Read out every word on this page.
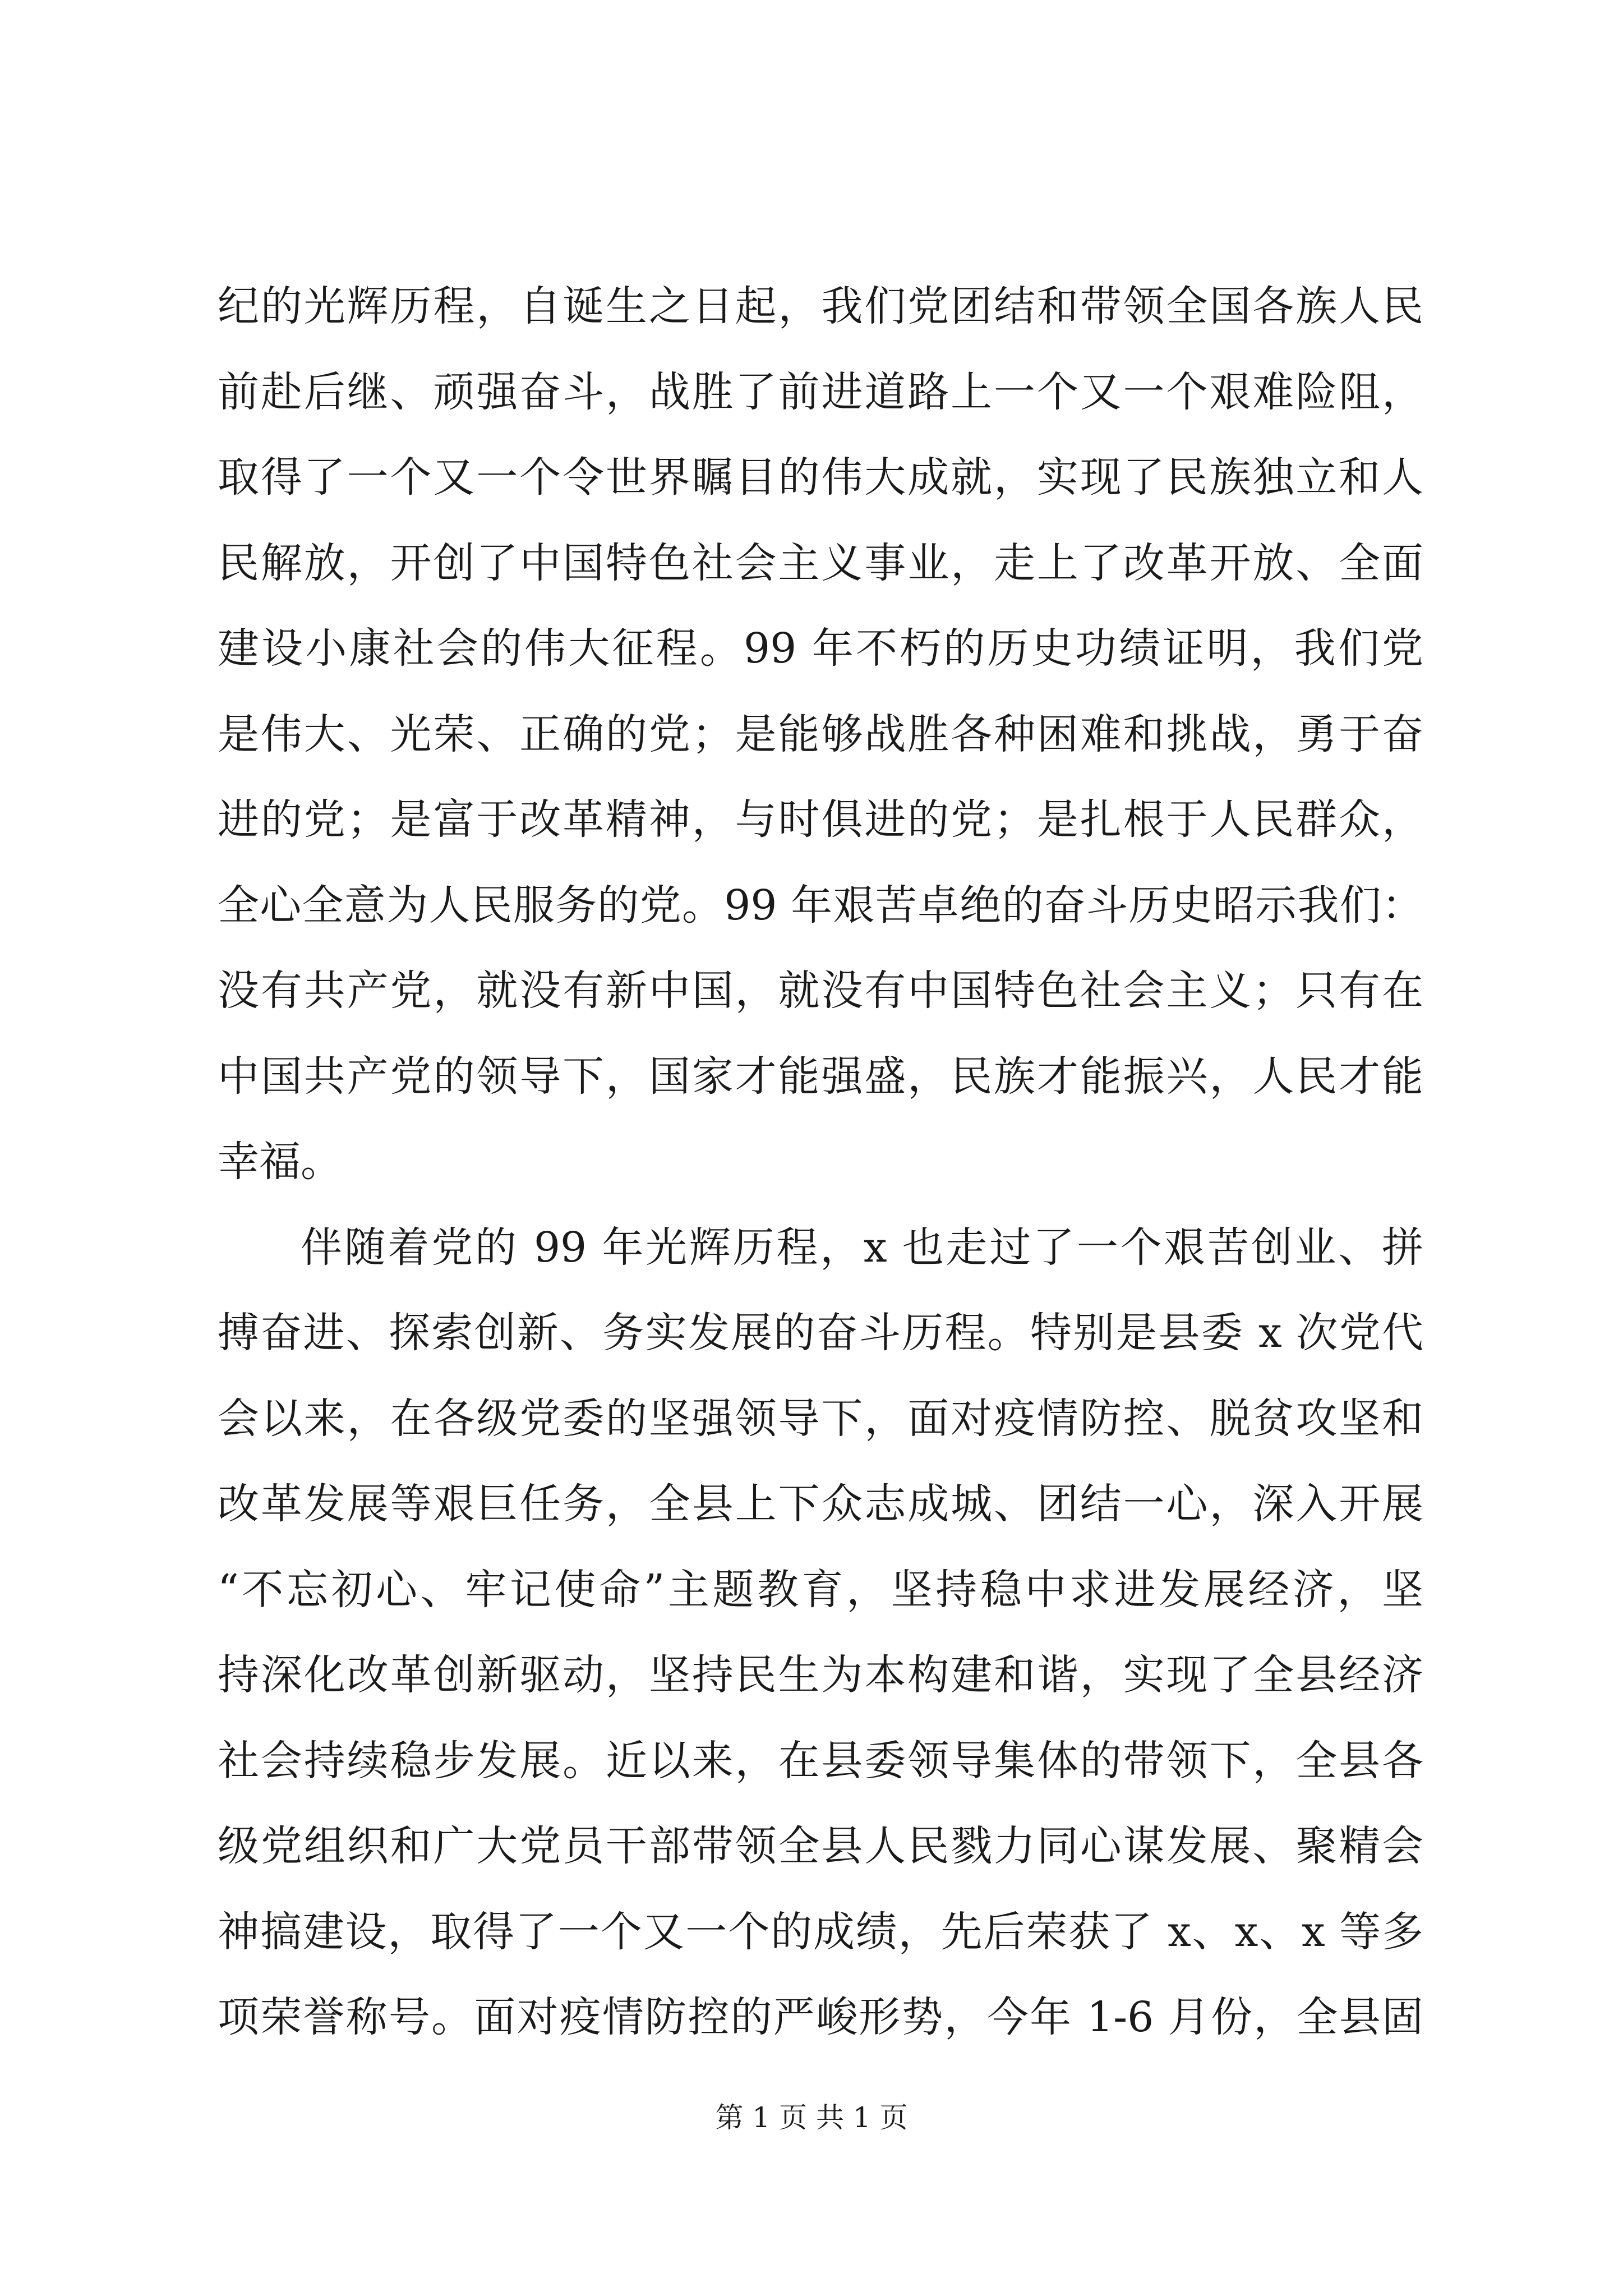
纪的光辉历程，自诞生之日起，我们党团结和带领全国各族人民
前赴后继、顽强奋斗，战胜了前进道路上一个又一个艰难险阻，
取得了一个又一个令世界瞩目的伟大成就，实现了民族独立和人
民解放，开创了中国特色社会主义事业，走上了改革开放、全面
建设小康社会的伟大征程。99 年不朽的历史功绩证明，我们党
是伟大、光荣、正确的党；是能够战胜各种困难和挑战，勇于奋
进的党；是富于改革精神，与时俱进的党；是扎根于人民群众，
全心全意为人民服务的党。99 年艰苦卓绝的奋斗历史昭示我们：
没有共产党，就没有新中国，就没有中国特色社会主义；只有在
中国共产党的领导下，国家才能强盛，民族才能振兴，人民才能
幸福。
伴随着党的 99 年光辉历程，x 也走过了一个艰苦创业、拼
搏奋进、探索创新、务实发展的奋斗历程。特别是县委 x 次党代
会以来，在各级党委的坚强领导下，面对疫情防控、脱贫攻坚和
改革发展等艰巨任务，全县上下众志成城、团结一心，深入开展
“不忘初心、牢记使命”主题教育，坚持稳中求进发展经济，坚
持深化改革创新驱动，坚持民生为本构建和谐，实现了全县经济
社会持续稳步发展。近以来，在县委领导集体的带领下，全县各
级党组织和广大党员干部带领全县人民戮力同心谋发展、聚精会
神搞建设，取得了一个又一个的成绩，先后荣获了 x、x、x 等多
项荣誉称号。面对疫情防控的严峻形势，今年 1-6 月份，全县固
第 1 页 共 1 页
